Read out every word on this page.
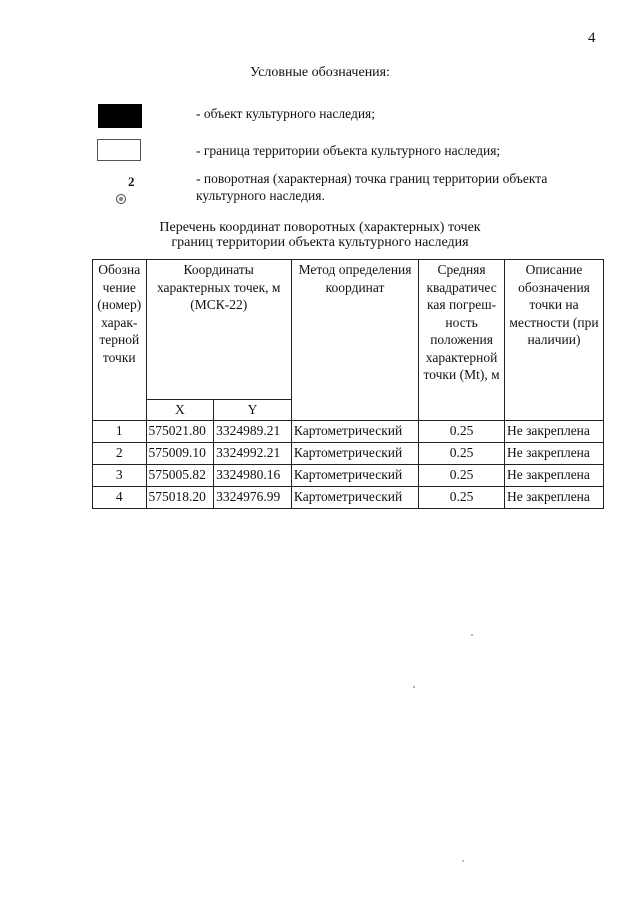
4
Условные обозначения:
- объект культурного наследия;
- граница территории объекта культурного наследия;
2	- поворотная (характерная) точка границ территории объекта культурного наследия.
Перечень координат поворотных (характерных) точек
границ территории объекта культурного наследия
Обозна чение (номер) харак- терной точки	Координаты характерных точек, м (МСК-22)		Метод определения координат	Средняя квадратичес кая погреш- ность положения характерной точки (Mt), м	Описание обозначения точки на местности (при наличии)
	X	Y			
1	575021.80	3324989.21	Картометрический	0.25	Не закреплена
2	575009.10	3324992.21	Картометрический	0.25	Не закреплена
3	575005.82	3324980.16	Картометрический	0.25	Не закреплена
4	575018.20	3324976.99	Картометрический	0.25	Не закреплена
